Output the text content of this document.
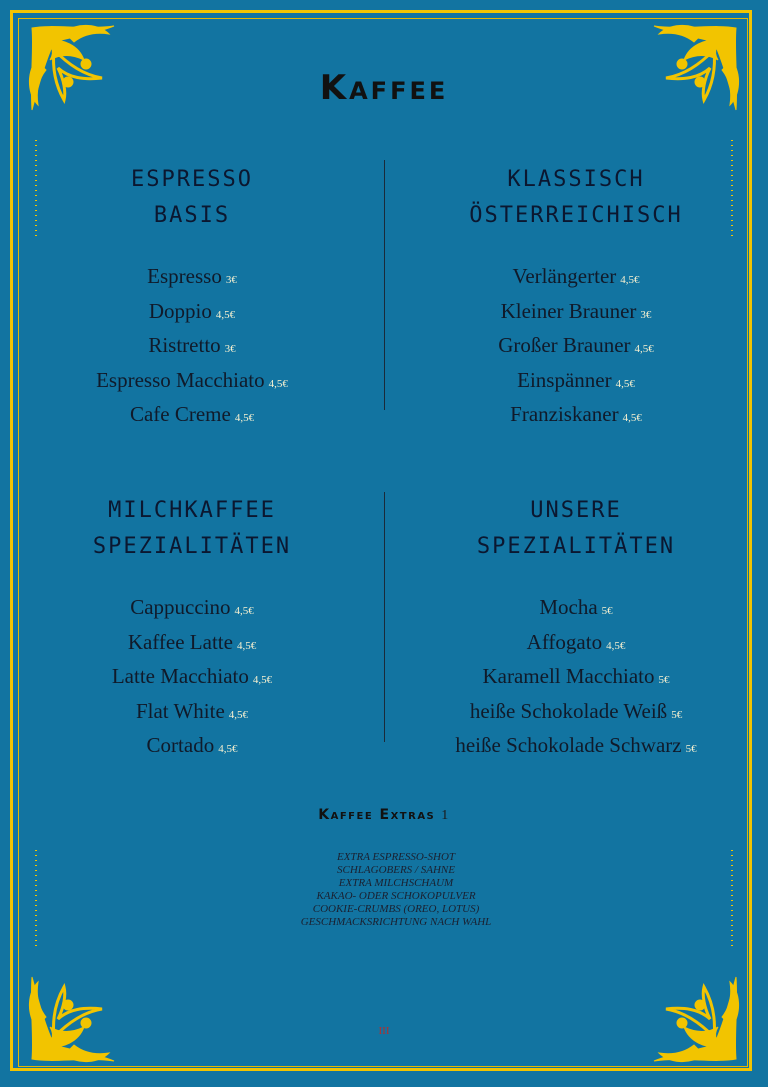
Kaffee
ESPRESSO
BASIS
Espresso 3€
Doppio 4,5€
Ristretto 3€
Espresso Macchiato 4,5€
Cafe Creme 4,5€
KLASSISCH
ÖSTERREICHISCH
Verlängerter 4,5€
Kleiner Brauner 3€
Großer Brauner 4,5€
Einspänner 4,5€
Franziskaner 4,5€
MILCHKAFFEE
SPEZIALITÄTEN
Cappuccino 4,5€
Kaffee Latte 4,5€
Latte Macchiato 4,5€
Flat White 4,5€
Cortado 4,5€
UNSERE
SPEZIALITÄTEN
Mocha 5€
Affogato 4,5€
Karamell Macchiato 5€
heiße Schokolade Weiß 5€
heiße Schokolade Schwarz 5€
Kaffee Extras 1
EXTRA ESPRESSO-SHOT
SCHLAGOBERS / SAHNE
EXTRA MILCHSCHAUM
KAKAO- ODER SCHOKOPULVER
COOKIE-CRUMBS (OREO, LOTUS)
GESCHMACKSRICHTUNG NACH WAHL
III
